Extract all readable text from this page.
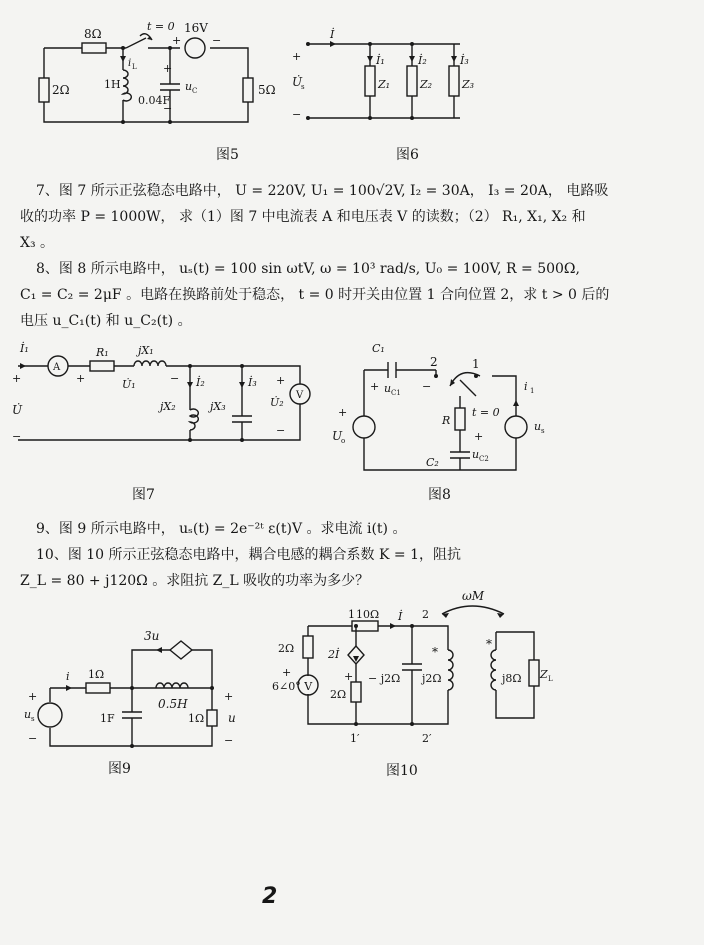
8Ω
2Ω
t = 0 16V
1H
i L
0.04F
u C	5Ω
+
+
−
−
图5
İ
+
U̇
s
−
İ₁	İ₂	İ₃
Z₁	Z₂	Z₃
图6
7、图 7 所示正弦稳态电路中， U = 220V, U₁ = 100√2V, I₂ = 30A， I₃ = 20A， 电路吸
收的功率 P = 1000W， 求（1）图 7 中电流表 A 和电压表 V 的读数；（2） R₁, X₁, X₂ 和
X₃ 。
8、图 8 所示电路中， uₛ(t) = 100 sin ωtV, ω = 10³ rad/s, U₀ = 100V, R = 500Ω,
C₁ = C₂ = 2μF 。电路在换路前处于稳态， t = 0 时开关由位置 1 合向位置 2，求 t > 0 后的
电压 u_C₁(t) 和 u_C₂(t) 。
İ₁
A
R₁	jX₁
U̇₁
+	−
+
U̇
−
İ₂	İ₃
jX₂	jX₃	U̇₂
V
+
−
图7
C₁
+	−
u C1
2	1
R
t = 0
C₂
u C2
+
+
U
o
u s
i 1
图8
9、图 9 所示电路中， uₛ(t) = 2e⁻²ᵗ ε(t)V 。求电流 i(t) 。
10、图 10 所示正弦稳态电路中，耦合电感的耦合系数 K = 1，阻抗
Z_L = 80 + j120Ω 。求阻抗 Z_L 吸收的功率为多少？
3u
1Ω
i
0.5H
1F	1Ω u
+
−
u s
+
−
图9
ωM
10Ω İ
1	2
1′	2′
2Ω	2İ
2Ω
6∠0° V
+	+ − j2Ω j2Ω	j8Ω Z L
*
*
图10
2
